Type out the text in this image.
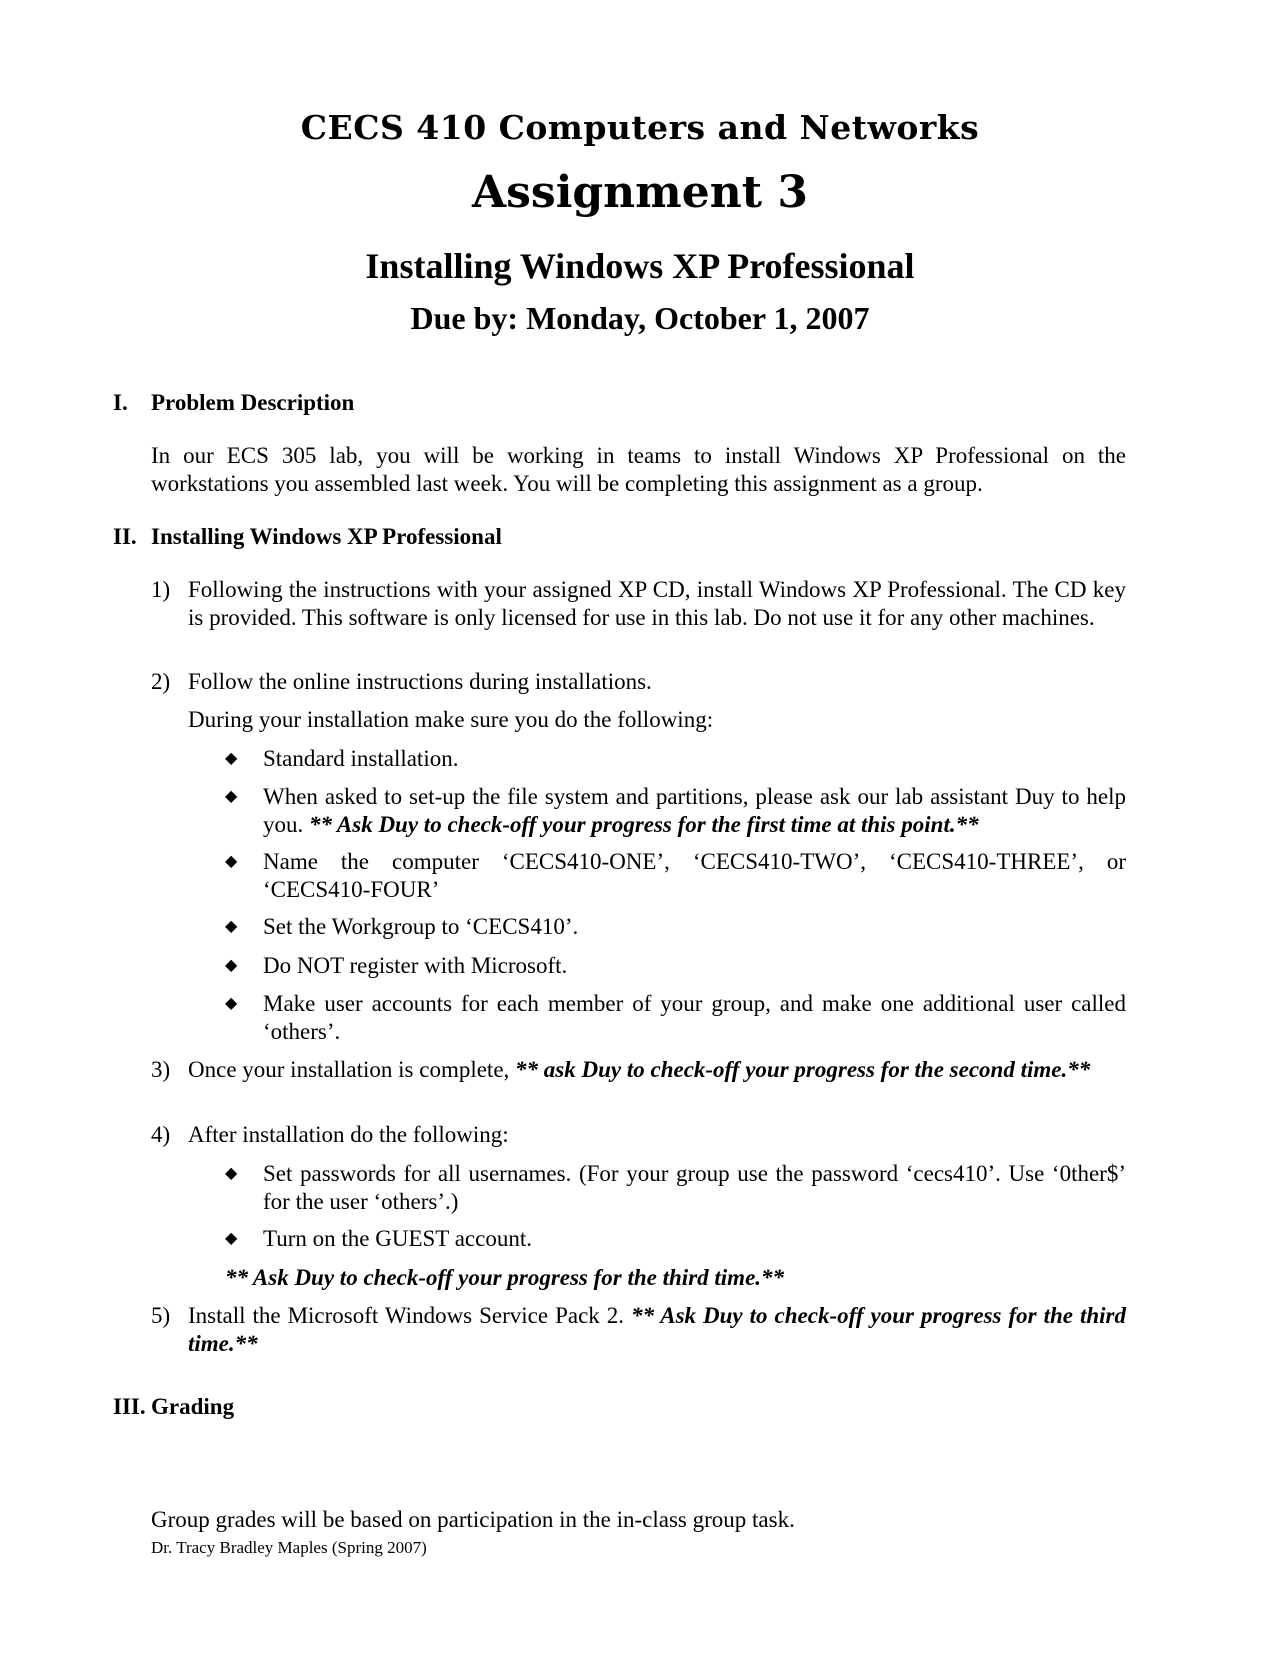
CECS 410 Computers and Networks
Assignment 3
Installing Windows XP Professional
Due by: Monday, October 1, 2007
I. Problem Description
In our ECS 305 lab, you will be working in teams to install Windows XP Professional on the workstations you assembled last week. You will be completing this assignment as a group.
II. Installing Windows XP Professional
1) Following the instructions with your assigned XP CD, install Windows XP Professional. The CD key is provided. This software is only licensed for use in this lab. Do not use it for any other machines.
2) Follow the online instructions during installations.
During your installation make sure you do the following:
◆ Standard installation.
◆ When asked to set-up the file system and partitions, please ask our lab assistant Duy to help you. ** Ask Duy to check-off your progress for the first time at this point.**
◆ Name the computer ‘CECS410-ONE’, ‘CECS410-TWO’, ‘CECS410-THREE’, or ‘CECS410-FOUR’
◆ Set the Workgroup to ‘CECS410’.
◆ Do NOT register with Microsoft.
◆ Make user accounts for each member of your group, and make one additional user called ‘others’.
3) Once your installation is complete, ** ask Duy to check-off your progress for the second time.**
4) After installation do the following:
◆ Set passwords for all usernames. (For your group use the password ‘cecs410’. Use ‘0ther$’ for the user ‘others’.)
◆ Turn on the GUEST account.
** Ask Duy to check-off your progress for the third time.**
5) Install the Microsoft Windows Service Pack 2. ** Ask Duy to check-off your progress for the third time.**
III. Grading
Group grades will be based on participation in the in-class group task.
Dr. Tracy Bradley Maples (Spring 2007)
